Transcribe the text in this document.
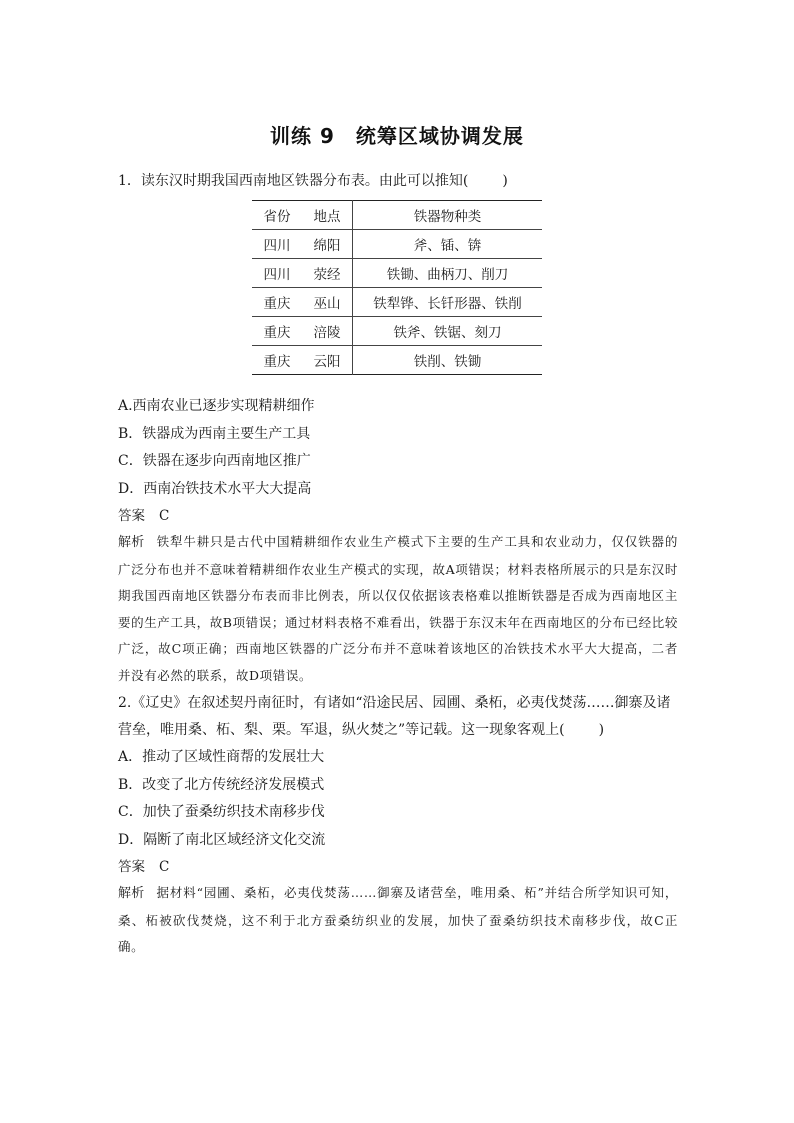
训练 9　统筹区域协调发展

1．读东汉时期我国西南地区铁器分布表。由此可以推知( )

省份	地点	铁器物种类
四川	绵阳	斧、锸、锛
四川	荥经	铁锄、曲柄刀、削刀
重庆	巫山	铁犁铧、长钎形器、铁削
重庆	涪陵	铁斧、铁锯、刻刀
重庆	云阳	铁削、铁锄

A.西南农业已逐步实现精耕细作

B．铁器成为西南主要生产工具

C．铁器在逐步向西南地区推广

D．西南冶铁技术水平大大提高

答案 C

解析 铁犁牛耕只是古代中国精耕细作农业生产模式下主要的生产工具和农业动力，仅仅铁器的广泛分布也并不意味着精耕细作农业生产模式的实现，故A项错误；材料表格所展示的只是东汉时期我国西南地区铁器分布表而非比例表，所以仅仅依据该表格难以推断铁器是否成为西南地区主要的生产工具，故B项错误；通过材料表格不难看出，铁器于东汉末年在西南地区的分布已经比较广泛，故C项正确；西南地区铁器的广泛分布并不意味着该地区的冶铁技术水平大大提高，二者并没有必然的联系，故D项错误。

2.《辽史》在叙述契丹南征时，有诸如“沿途民居、园圃、桑柘，必夷伐焚荡……御寨及诸营垒，唯用桑、柘、梨、栗。军退，纵火焚之”等记载。这一现象客观上( )

A．推动了区域性商帮的发展壮大

B．改变了北方传统经济发展模式

C．加快了蚕桑纺织技术南移步伐

D．隔断了南北区域经济文化交流

答案 C

解析 据材料“园圃、桑柘，必夷伐焚荡……御寨及诸营垒，唯用桑、柘”并结合所学知识可知，桑、柘被砍伐焚烧，这不利于北方蚕桑纺织业的发展，加快了蚕桑纺织技术南移步伐，故C正确。
